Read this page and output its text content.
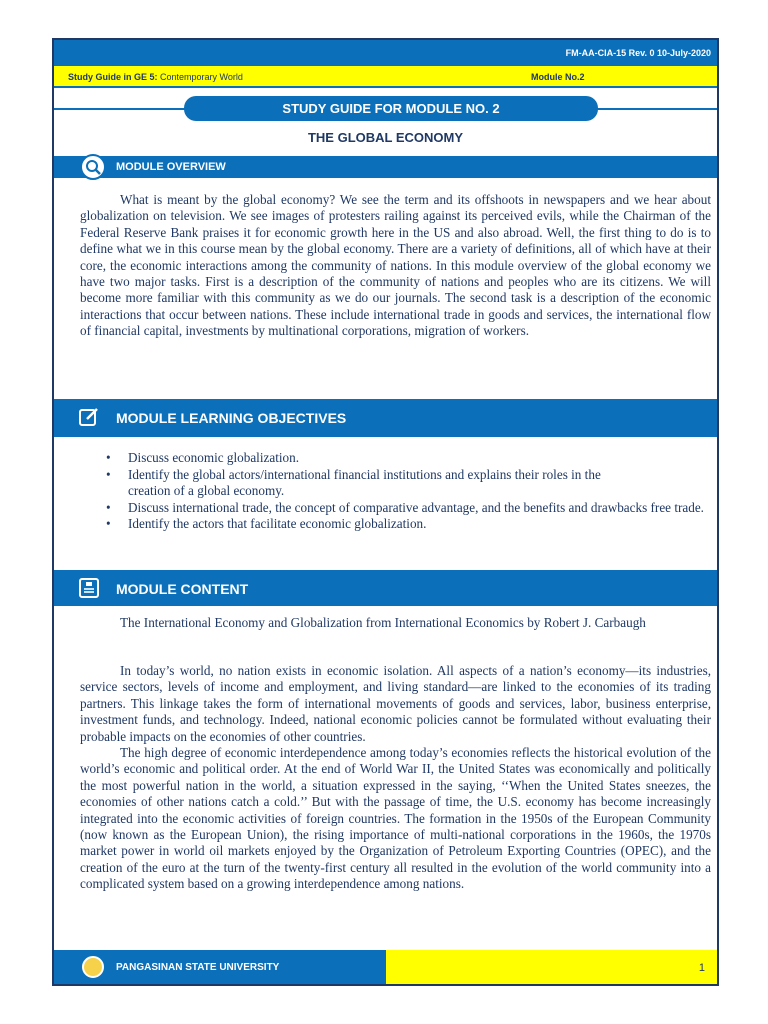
FM-AA-CIA-15 Rev. 0 10-July-2020
Study Guide in GE 5: Contemporary World	Module No.2
STUDY GUIDE FOR MODULE NO. 2
THE GLOBAL ECONOMY
MODULE OVERVIEW

What is meant by the global economy? We see the term and its offshoots in newspapers and we hear about globalization on television. We see images of protesters railing against its perceived evils, while the Chairman of the Federal Reserve Bank praises it for economic growth here in the US and also abroad. Well, the first thing to do is to define what we in this course mean by the global economy. There are a variety of definitions, all of which have at their core, the economic interactions among the community of nations. In this module overview of the global economy we have two major tasks. First is a description of the community of nations and peoples who are its citizens. We will become more familiar with this community as we do our journals. The second task is a description of the economic interactions that occur between nations. These include international trade in goods and services, the international flow of financial capital, investments by multinational corporations, migration of workers.

MODULE LEARNING OBJECTIVES
• Discuss economic globalization.
• Identify the global actors/international financial institutions and explains their roles in the creation of a global economy.
• Discuss international trade, the concept of comparative advantage, and the benefits and drawbacks free trade.
• Identify the actors that facilitate economic globalization.
MODULE CONTENT

The International Economy and Globalization from International Economics by Robert J. Carbaugh

In today’s world, no nation exists in economic isolation. All aspects of a nation’s economy—its industries, service sectors, levels of income and employment, and living standard—are linked to the economies of its trading partners. This linkage takes the form of international movements of goods and services, labor, business enterprise, investment funds, and technology. Indeed, national economic policies cannot be formulated without evaluating their probable impacts on the economies of other countries.

The high degree of economic interdependence among today’s economies reflects the historical evolution of the world’s economic and political order. At the end of World War II, the United States was economically and politically the most powerful nation in the world, a situation expressed in the saying, ‘‘When the United States sneezes, the economies of other nations catch a cold.’’ But with the passage of time, the U.S. economy has become increasingly integrated into the economic activities of foreign countries. The formation in the 1950s of the European Community (now known as the European Union), the rising importance of multi-national corporations in the 1960s, the 1970s market power in world oil markets enjoyed by the Organization of Petroleum Exporting Countries (OPEC), and the creation of the euro at the turn of the twenty-first century all resulted in the evolution of the world community into a complicated system based on a growing interdependence among nations.

PANGASINAN STATE UNIVERSITY	1
